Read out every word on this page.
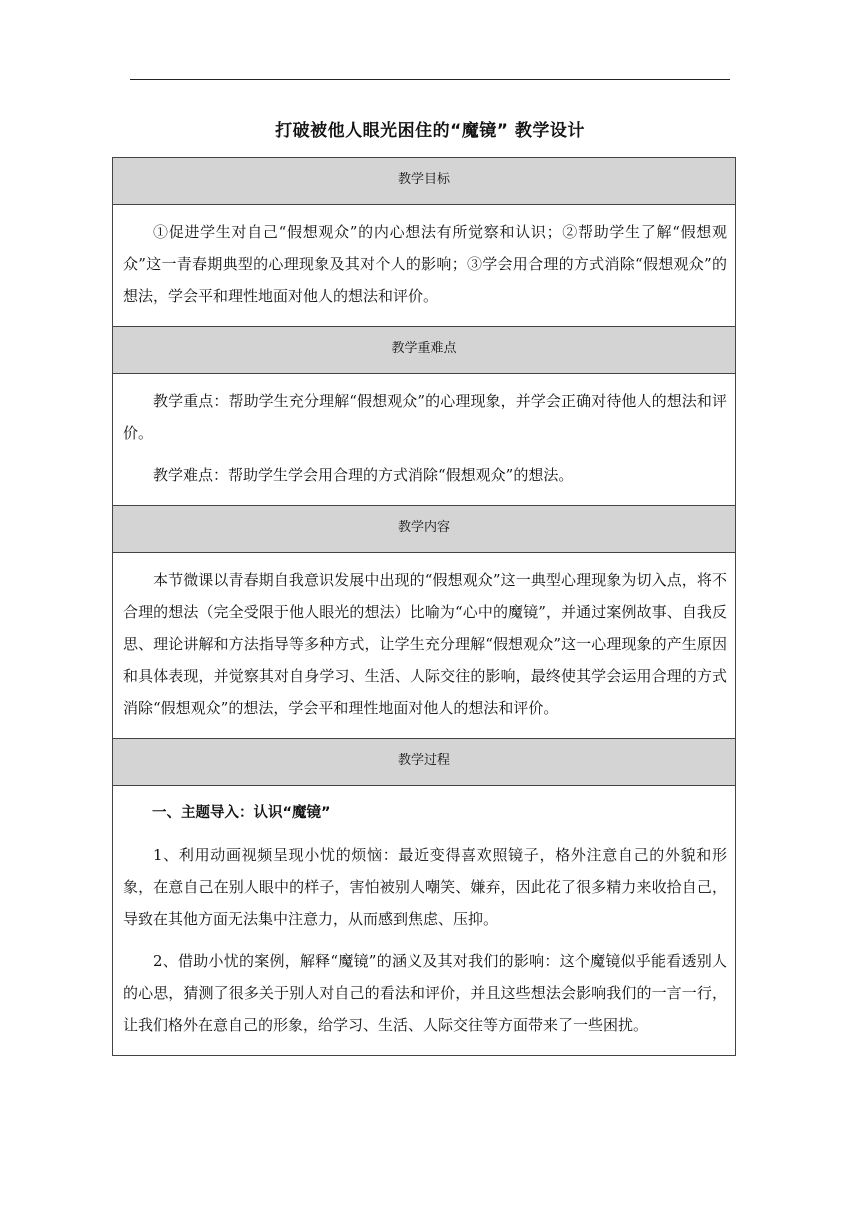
打破被他人眼光困住的“魔镜” 教学设计
教学目标

①促进学生对自己“假想观众”的内心想法有所觉察和认识；②帮助学生了解“假想观众”这一青春期典型的心理现象及其对个人的影响；③学会用合理的方式消除“假想观众”的想法，学会平和理性地面对他人的想法和评价。

教学重难点

教学重点：帮助学生充分理解“假想观众”的心理现象，并学会正确对待他人的想法和评价。

教学难点：帮助学生学会用合理的方式消除“假想观众”的想法。

教学内容

本节微课以青春期自我意识发展中出现的“假想观众”这一典型心理现象为切入点，将不合理的想法（完全受限于他人眼光的想法）比喻为“心中的魔镜”，并通过案例故事、自我反思、理论讲解和方法指导等多种方式，让学生充分理解“假想观众”这一心理现象的产生原因和具体表现，并觉察其对自身学习、生活、人际交往的影响，最终使其学会运用合理的方式消除“假想观众”的想法，学会平和理性地面对他人的想法和评价。

教学过程

一、主题导入：认识“魔镜”

1、利用动画视频呈现小忧的烦恼：最近变得喜欢照镜子，格外注意自己的外貌和形象，在意自己在别人眼中的样子，害怕被别人嘲笑、嫌弃，因此花了很多精力来收拾自己，导致在其他方面无法集中注意力，从而感到焦虑、压抑。

2、借助小忧的案例，解释“魔镜”的涵义及其对我们的影响：这个魔镜似乎能看透别人的心思，猜测了很多关于别人对自己的看法和评价，并且这些想法会影响我们的一言一行，让我们格外在意自己的形象，给学习、生活、人际交往等方面带来了一些困扰。
